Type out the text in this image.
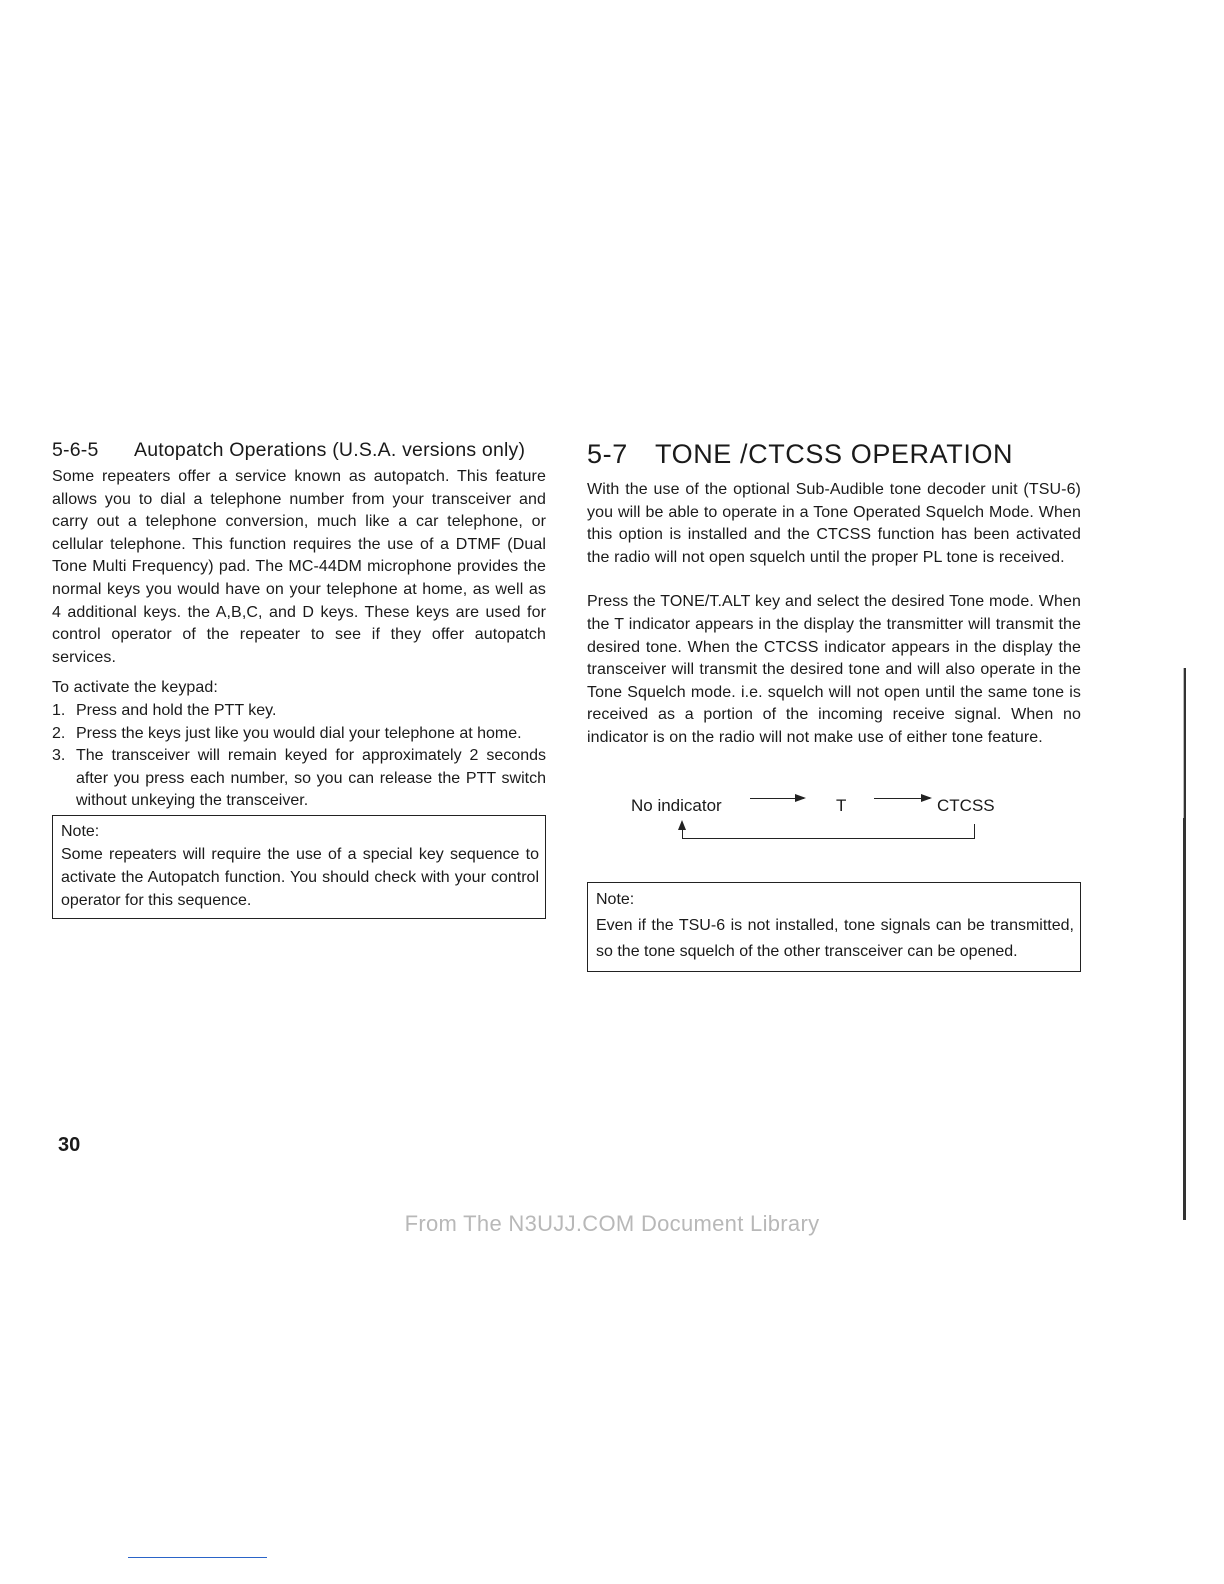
5-6-5	Autopatch Operations (U.S.A. versions only)

Some repeaters offer a service known as autopatch. This feature allows you to dial a telephone number from your transceiver and carry out a telephone conversion, much like a car telephone, or cellular telephone. This function requires the use of a DTMF (Dual Tone Multi Frequency) pad. The MC-44DM microphone provides the normal keys you would have on your telephone at home, as well as 4 additional keys. the A,B,C, and D keys. These keys are used for control operator of the repeater to see if they offer autopatch services.

To activate the keypad:

1. Press and hold the PTT key.
2. Press the keys just like you would dial your telephone at home.
3. The transceiver will remain keyed for approximately 2 seconds after you press each number, so you can release the PTT switch without unkeying the transceiver.

Note:

Some repeaters will require the use of a special key sequence to activate the Autopatch function. You should check with your control operator for this sequence.

5-7 TONE /CTCSS OPERATION

With the use of the optional Sub-Audible tone decoder unit (TSU-6) you will be able to operate in a Tone Operated Squelch Mode. When this option is installed and the CTCSS function has been activated the radio will not open squelch until the proper PL tone is received.

Press the TONE/T.ALT key and select the desired Tone mode. When the T indicator appears in the display the transmitter will transmit the desired tone. When the CTCSS indicator appears in the display the transceiver will transmit the desired tone and will also operate in the Tone Squelch mode. i.e. squelch will not open until the same tone is received as a portion of the incoming receive signal. When no indicator is on the radio will not make use of either tone feature.

No indicator	T	CTCSS

Note:

Even if the TSU-6 is not installed, tone signals can be transmitted, so the tone squelch of the other transceiver can be opened.

30
From The N3UJJ.COM Document Library
